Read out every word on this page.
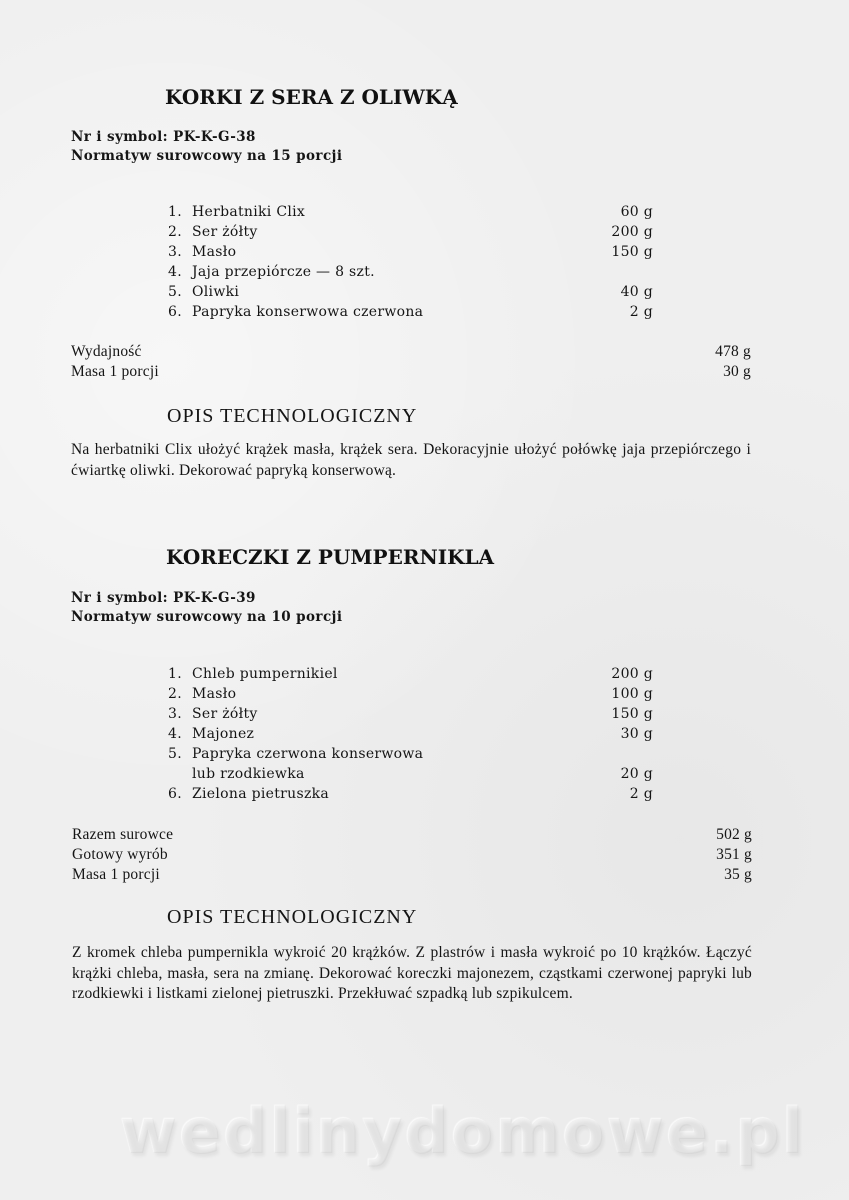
KORKI Z SERA Z OLIWKĄ
Nr i symbol: PK-K-G-38
Normatyw surowcowy na 15 porcji
1. Herbatniki Clix	60 g
2. Ser żółty	200 g
3. Masło	150 g
4. Jaja przepiórcze — 8 szt.
5. Oliwki	40 g
6. Papryka konserwowa czerwona	2 g
Wydajność	478 g
Masa 1 porcji	30 g
OPIS TECHNOLOGICZNY
Na herbatniki Clix ułożyć krążek masła, krążek sera. Dekoracyjnie ułożyć połówkę jaja przepiórczego i ćwiartkę oliwki. Dekorować papryką konserwową.
KORECZKI Z PUMPERNIKLA
Nr i symbol: PK-K-G-39
Normatyw surowcowy na 10 porcji
1. Chleb pumpernikiel	200 g
2. Masło	100 g
3. Ser żółty	150 g
4. Majonez	30 g
5. Papryka czerwona konserwowa
lub rzodkiewka	20 g
6. Zielona pietruszka	2 g
Razem surowce	502 g
Gotowy wyrób	351 g
Masa 1 porcji	35 g
OPIS TECHNOLOGICZNY
Z kromek chleba pumpernikla wykroić 20 krążków. Z plastrów i masła wykroić po 10 krążków. Łączyć krążki chleba, masła, sera na zmianę. Dekorować koreczki majonezem, cząstkami czerwonej papryki lub rzodkiewki i listkami zielonej pietruszki. Przekłuwać szpadką lub szpikulcem.
wedlinydomowe.pl
